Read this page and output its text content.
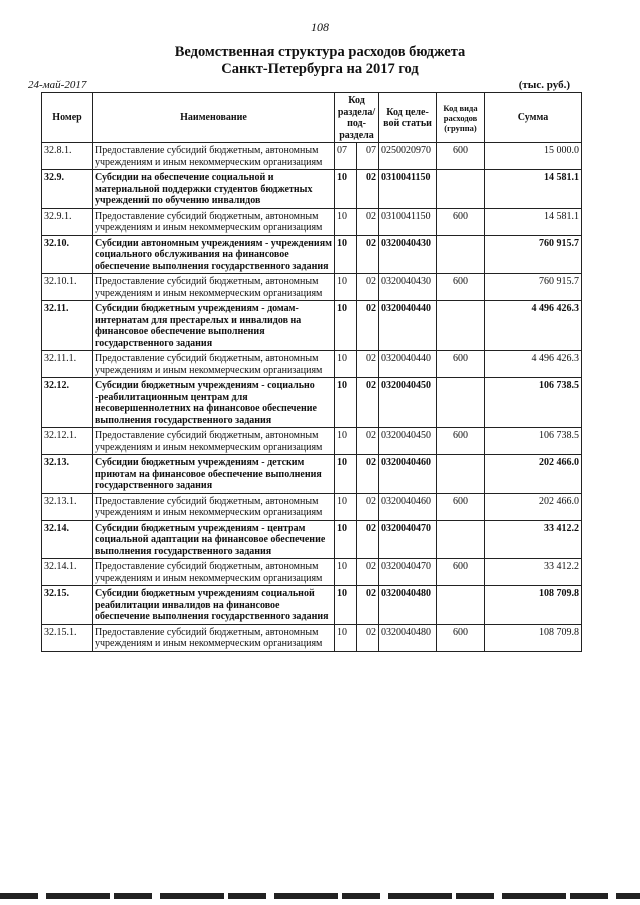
108
Ведомственная структура расходов бюджета
Санкт-Петербурга на 2017 год
24-май-2017	(тыс. руб.)
Номер	Наименование	Код раздела/ под-раздела		Код целе-вой статьи	Код вида расходов (группа)	Сумма
32.8.1.	Предоставление субсидий бюджетным, автономным учреждениям и иным некоммерческим организациям	07	07	0250020970	600	15 000.0
32.9.	Субсидии на обеспечение социальной и материальной поддержки студентов бюджетных учреждений по обучению инвалидов	10	02	0310041150		14 581.1
32.9.1.	Предоставление субсидий бюджетным, автономным учреждениям и иным некоммерческим организациям	10	02	0310041150	600	14 581.1
32.10.	Субсидии автономным учреждениям - учреждениям социального обслуживания на финансовое обеспечение выполнения государственного задания	10	02	0320040430		760 915.7
32.10.1.	Предоставление субсидий бюджетным, автономным учреждениям и иным некоммерческим организациям	10	02	0320040430	600	760 915.7
32.11.	Субсидии бюджетным учреждениям - домам-интернатам для престарелых и инвалидов на финансовое обеспечение выполнения государственного задания	10	02	0320040440		4 496 426.3
32.11.1.	Предоставление субсидий бюджетным, автономным учреждениям и иным некоммерческим организациям	10	02	0320040440	600	4 496 426.3
32.12.	Субсидии бюджетным учреждениям - социально -реабилитационным центрам для несовершеннолетних на финансовое обеспечение выполнения государственного задания	10	02	0320040450		106 738.5
32.12.1.	Предоставление субсидий бюджетным, автономным учреждениям и иным некоммерческим организациям	10	02	0320040450	600	106 738.5
32.13.	Субсидии бюджетным учреждениям - детским приютам на финансовое обеспечение выполнения государственного задания	10	02	0320040460		202 466.0
32.13.1.	Предоставление субсидий бюджетным, автономным учреждениям и иным некоммерческим организациям	10	02	0320040460	600	202 466.0
32.14.	Субсидии бюджетным учреждениям - центрам социальной адаптации на финансовое обеспечение выполнения государственного задания	10	02	0320040470		33 412.2
32.14.1.	Предоставление субсидий бюджетным, автономным учреждениям и иным некоммерческим организациям	10	02	0320040470	600	33 412.2
32.15.	Субсидии бюджетным учреждениям социальной реабилитации инвалидов на финансовое обеспечение выполнения государственного задания	10	02	0320040480		108 709.8
32.15.1.	Предоставление субсидий бюджетным, автономным учреждениям и иным некоммерческим организациям	10	02	0320040480	600	108 709.8
